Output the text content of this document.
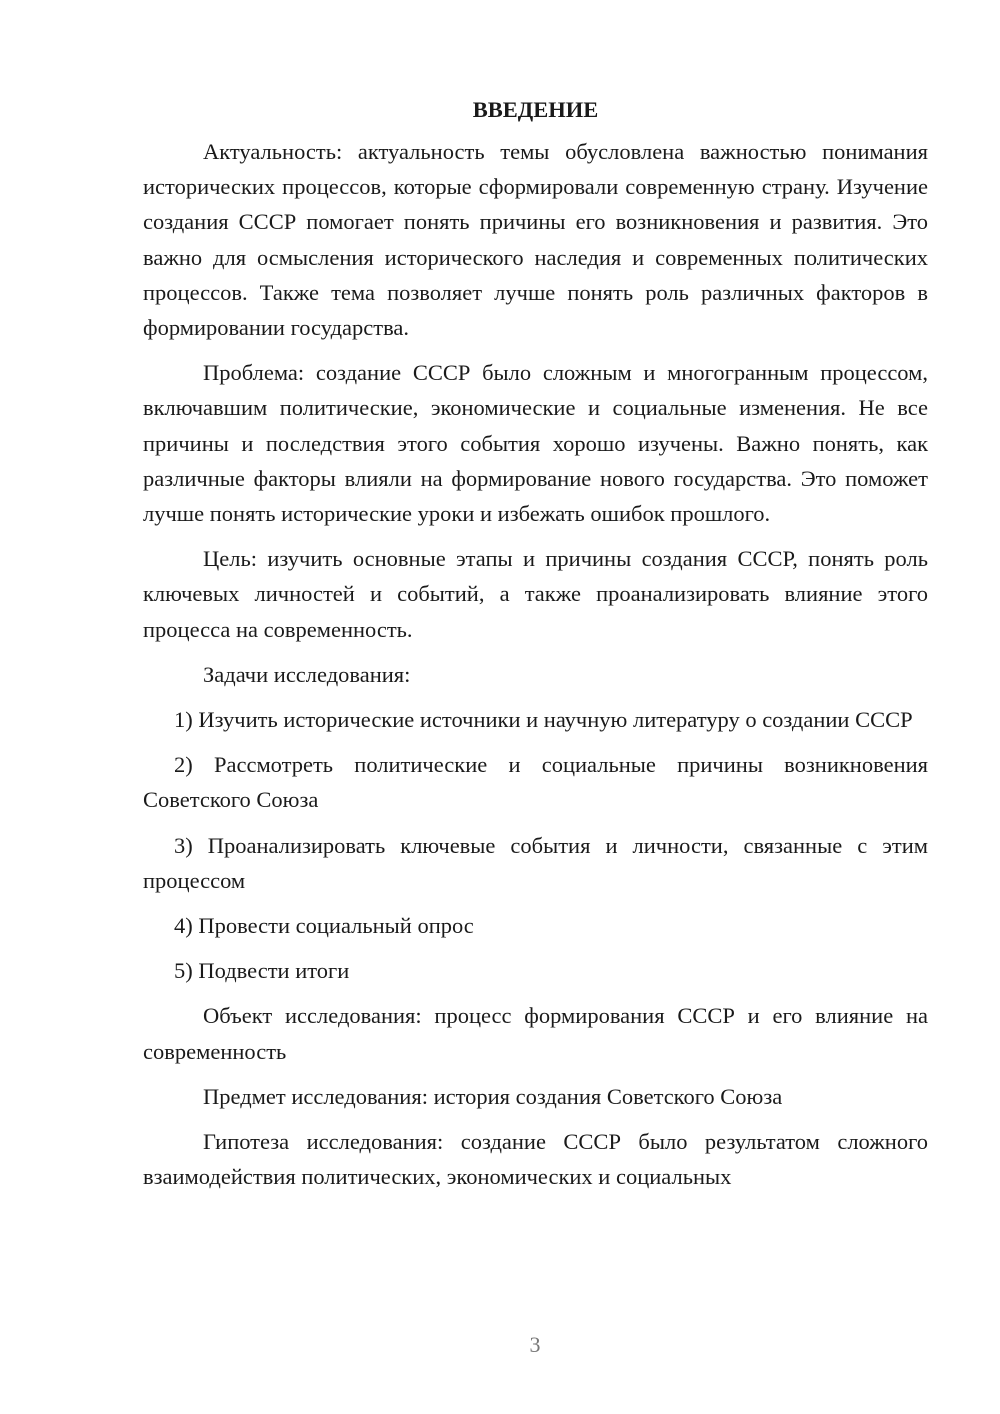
ВВЕДЕНИЕ

Актуальность: актуальность темы обусловлена важностью понимания исторических процессов, которые сформировали современную страну. Изучение создания СССР помогает понять причины его возникновения и развития. Это важно для осмысления исторического наследия и современных политических процессов. Также тема позволяет лучше понять роль различных факторов в формировании государства.

Проблема: создание СССР было сложным и многогранным процессом, включавшим политические, экономические и социальные изменения. Не все причины и последствия этого события хорошо изучены. Важно понять, как различные факторы влияли на формирование нового государства. Это поможет лучше понять исторические уроки и избежать ошибок прошлого.

Цель: изучить основные этапы и причины создания СССР, понять роль ключевых личностей и событий, а также проанализировать влияние этого процесса на современность.

Задачи исследования:

1) Изучить исторические источники и научную литературу о создании СССР

2) Рассмотреть политические и социальные причины возникновения Советского Союза

3) Проанализировать ключевые события и личности, связанные с этим процессом

4) Провести социальный опрос

5) Подвести итоги

Объект исследования: процесс формирования СССР и его влияние на современность

Предмет исследования: история создания Советского Союза

Гипотеза исследования: создание СССР было результатом сложного взаимодействия политических, экономических и социальных

3
